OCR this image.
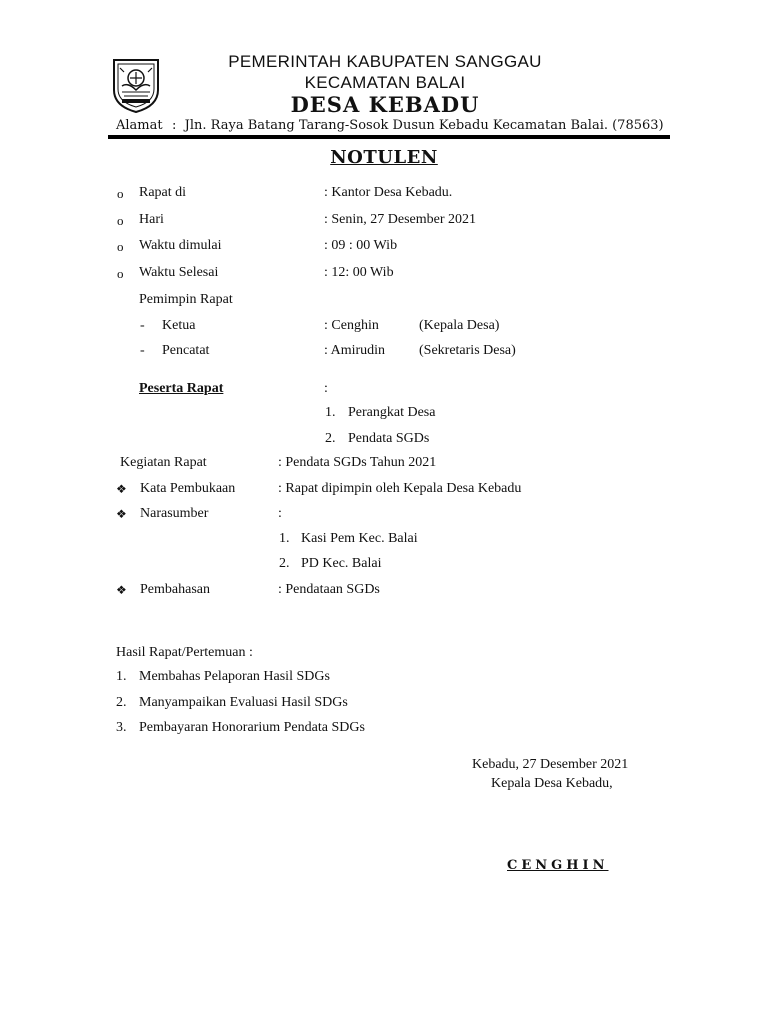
PEMERINTAH KABUPATEN SANGGAU
KECAMATAN BALAI
DESA KEBADU
Alamat : Jln. Raya Batang Tarang-Sosok Dusun Kebadu Kecamatan Balai. (78563)
NOTULEN
o Rapat di	: Kantor Desa Kebadu.
o Hari	: Senin, 27 Desember 2021
o Waktu dimulai	: 09 : 00 Wib
o Waktu Selesai	: 12: 00 Wib
Pemimpin Rapat
- Ketua	: Cenghin	(Kepala Desa)
- Pencatat	: Amirudin (Sekretaris Desa)
Peserta Rapat	:
1. Perangkat Desa
2. Pendata SGDs
Kegiatan Rapat	: Pendata SGDs Tahun 2021
❖ Kata Pembukaan	: Rapat dipimpin oleh Kepala Desa Kebadu
❖ Narasumber	:
1. Kasi Pem Kec. Balai
2. PD Kec. Balai
❖ Pembahasan	: Pendataan SGDs
Hasil Rapat/Pertemuan :
1. Membahas Pelaporan Hasil SDGs
2. Manyampaikan Evaluasi Hasil SDGs
3. Pembayaran Honorarium Pendata SDGs
Kebadu, 27 Desember 2021
Kepala Desa Kebadu,
CENGHIN
